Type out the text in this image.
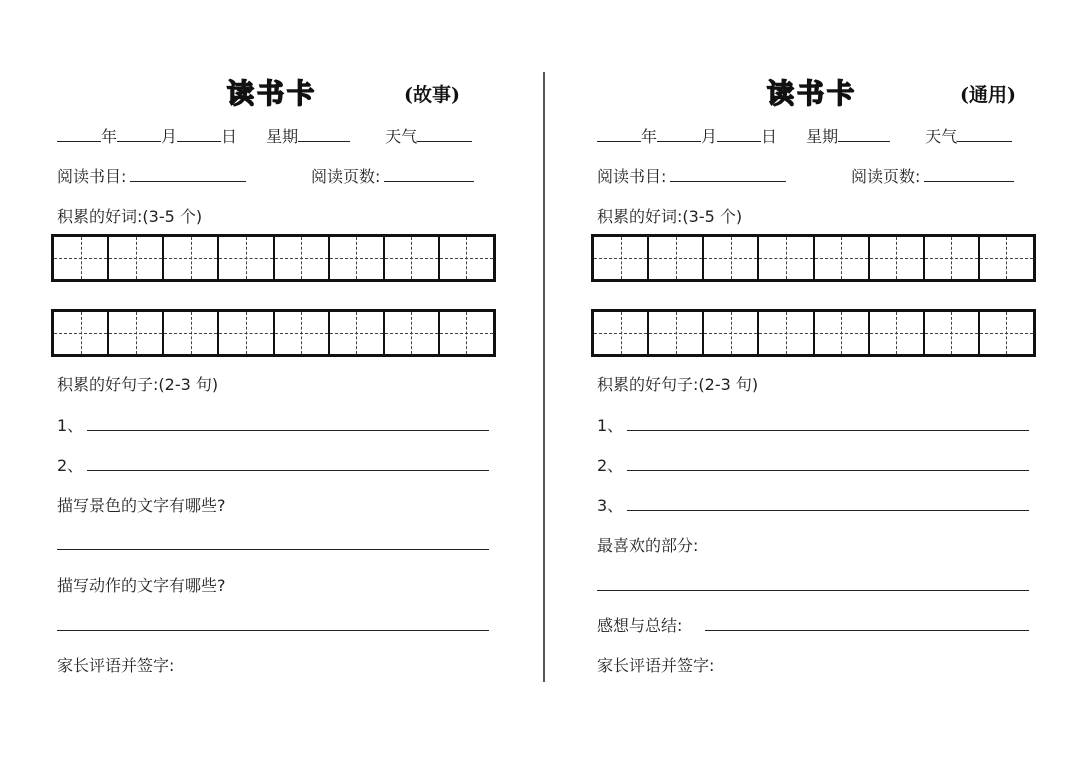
读书卡	(故事)
年	月	日 星期	天气
阅读书目:	阅读页数:
积累的好词:(3-5 个)
积累的好句子:(2-3 句)
1、
2、
描写景色的文字有哪些?
描写动作的文字有哪些?
家长评语并签字:
读书卡	(通用)
年	月	日 星期	天气
阅读书目:	阅读页数:
积累的好词:(3-5 个)
积累的好句子:(2-3 句)
1、
2、
3、
最喜欢的部分:
感想与总结:
家长评语并签字:
